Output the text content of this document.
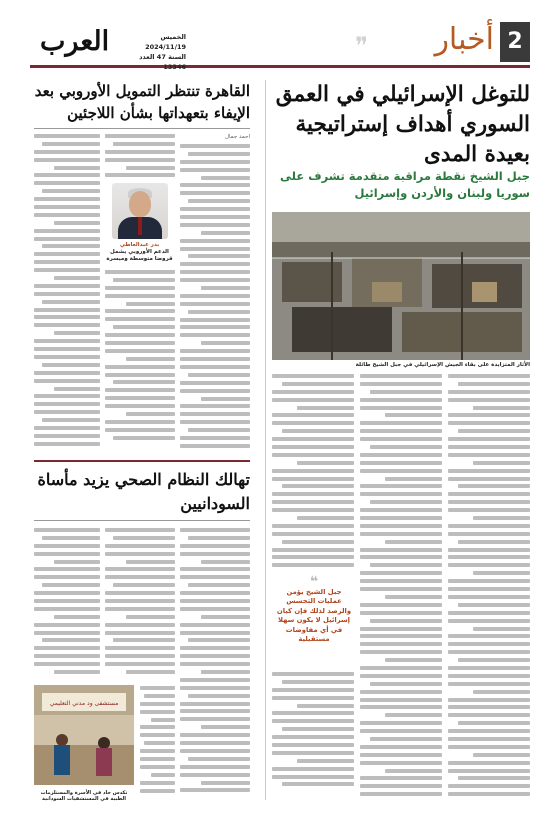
العرب	الخميس 2024/11/19
السنة 47 العدد 13346
❞ أخبار 2
للتوغل الإسرائيلي في العمق السوري أهداف إستراتيجية بعيدة المدى
جبل الشيخ نقطة مراقبة متقدمة تشرف على سوريا ولبنان والأردن وإسرائيل
الأثار المتزايدة على بقاء الجيش الإسرائيلي في جبل الشيخ طائلة
❝
جبل الشيخ يؤمن عمليات التجسس والرصد لذلك فإن كيان إسرائيل لا يكون سهلا في أي مفاوضات مستقبلية
القاهرة تنتظر التمويل الأوروبي بعد الإيفاء بتعهداتها بشأن اللاجئين
أحمد جمال
بدر عبدالعاطي
الدعم الأوروبي يشمل قروضا متوسطة وميسرة
تهالك النظام الصحي يزيد مأساة السودانيين
مستشفى ود مدني التعليمي
تكدس حاد في الأسرة والمستلزمات الطبية في المستشفيات السودانية
